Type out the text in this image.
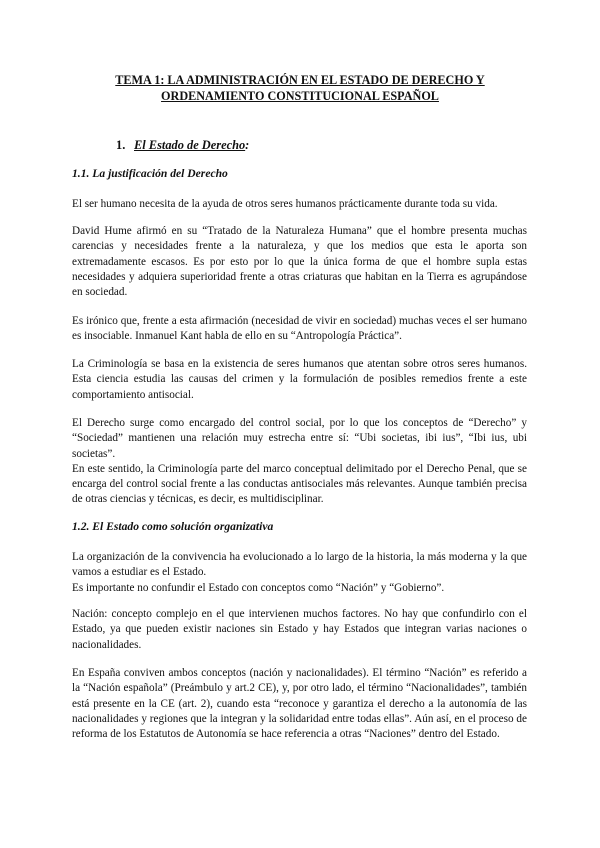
TEMA 1: LA ADMINISTRACIÓN EN EL ESTADO DE DERECHO Y
ORDENAMIENTO CONSTITUCIONAL ESPAÑOL
1. El Estado de Derecho:
1.1. La justificación del Derecho

El ser humano necesita de la ayuda de otros seres humanos prácticamente durante toda su vida.

David Hume afirmó en su “Tratado de la Naturaleza Humana” que el hombre presenta muchas carencias y necesidades frente a la naturaleza, y que los medios que esta le aporta son extremadamente escasos. Es por esto por lo que la única forma de que el hombre supla estas necesidades y adquiera superioridad frente a otras criaturas que habitan en la Tierra es agrupándose en sociedad.

Es irónico que, frente a esta afirmación (necesidad de vivir en sociedad) muchas veces el ser humano es insociable. Inmanuel Kant habla de ello en su “Antropología Práctica”.

La Criminología se basa en la existencia de seres humanos que atentan sobre otros seres humanos. Esta ciencia estudia las causas del crimen y la formulación de posibles remedios frente a este comportamiento antisocial.

El Derecho surge como encargado del control social, por lo que los conceptos de “Derecho” y “Sociedad” mantienen una relación muy estrecha entre sí: “Ubi societas, ibi ius”, “Ibi ius, ubi societas”.

En este sentido, la Criminología parte del marco conceptual delimitado por el Derecho Penal, que se encarga del control social frente a las conductas antisociales más relevantes. Aunque también precisa de otras ciencias y técnicas, es decir, es multidisciplinar.

1.2. El Estado como solución organizativa

La organización de la convivencia ha evolucionado a lo largo de la historia, la más moderna y la que vamos a estudiar es el Estado.

Es importante no confundir el Estado con conceptos como “Nación” y “Gobierno”.

Nación: concepto complejo en el que intervienen muchos factores. No hay que confundirlo con el Estado, ya que pueden existir naciones sin Estado y hay Estados que integran varias naciones o nacionalidades.

En España conviven ambos conceptos (nación y nacionalidades). El término “Nación” es referido a la “Nación española” (Preámbulo y art.2 CE), y, por otro lado, el término “Nacionalidades”, también está presente en la CE (art. 2), cuando esta “reconoce y garantiza el derecho a la autonomía de las nacionalidades y regiones que la integran y la solidaridad entre todas ellas”. Aún así, en el proceso de reforma de los Estatutos de Autonomía se hace referencia a otras “Naciones” dentro del Estado.
